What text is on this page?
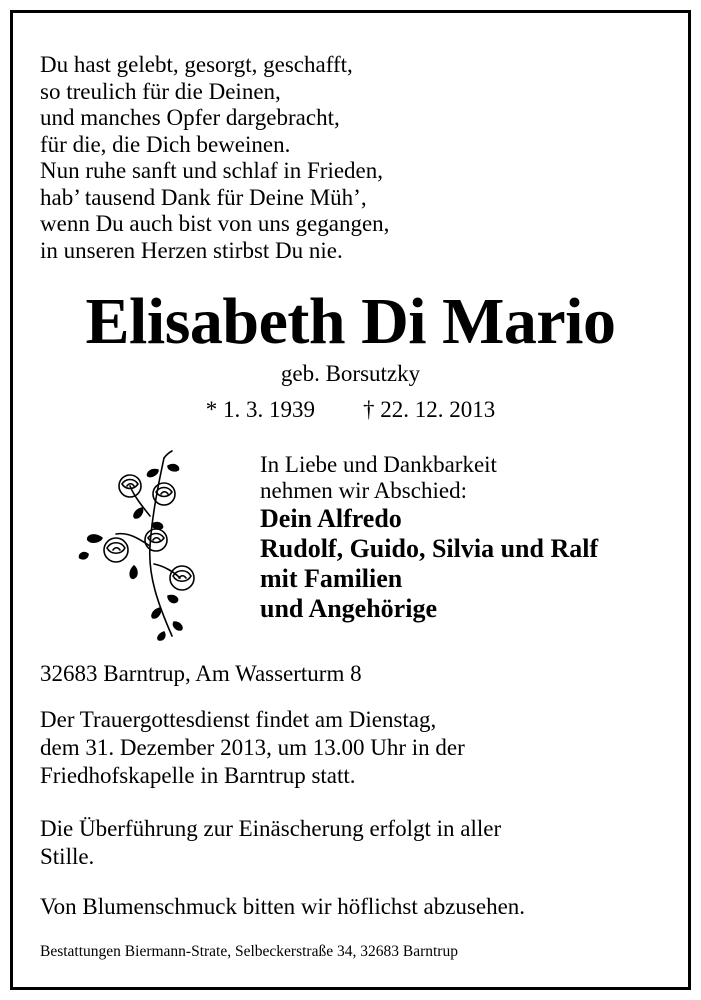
Du hast gelebt, gesorgt, geschafft,
so treulich für die Deinen,
und manches Opfer dargebracht,
für die, die Dich beweinen.
Nun ruhe sanft und schlaf in Frieden,
hab’ tausend Dank für Deine Müh’,
wenn Du auch bist von uns gegangen,
in unseren Herzen stirbst Du nie.
Elisabeth Di Mario
geb. Borsutzky
* 1. 3. 1939 † 22. 12. 2013
In Liebe und Dankbarkeit
nehmen wir Abschied:
Dein Alfredo
Rudolf, Guido, Silvia und Ralf
mit Familien
und Angehörige
32683 Barntrup, Am Wasserturm 8
Der Trauergottesdienst findet am Dienstag,
dem 31. Dezember 2013, um 13.00 Uhr in der
Friedhofskapelle in Barntrup statt.
Die Überführung zur Einäscherung erfolgt in aller
Stille.
Von Blumenschmuck bitten wir höflichst abzusehen.
Bestattungen Biermann-Strate, Selbeckerstraße 34, 32683 Barntrup
